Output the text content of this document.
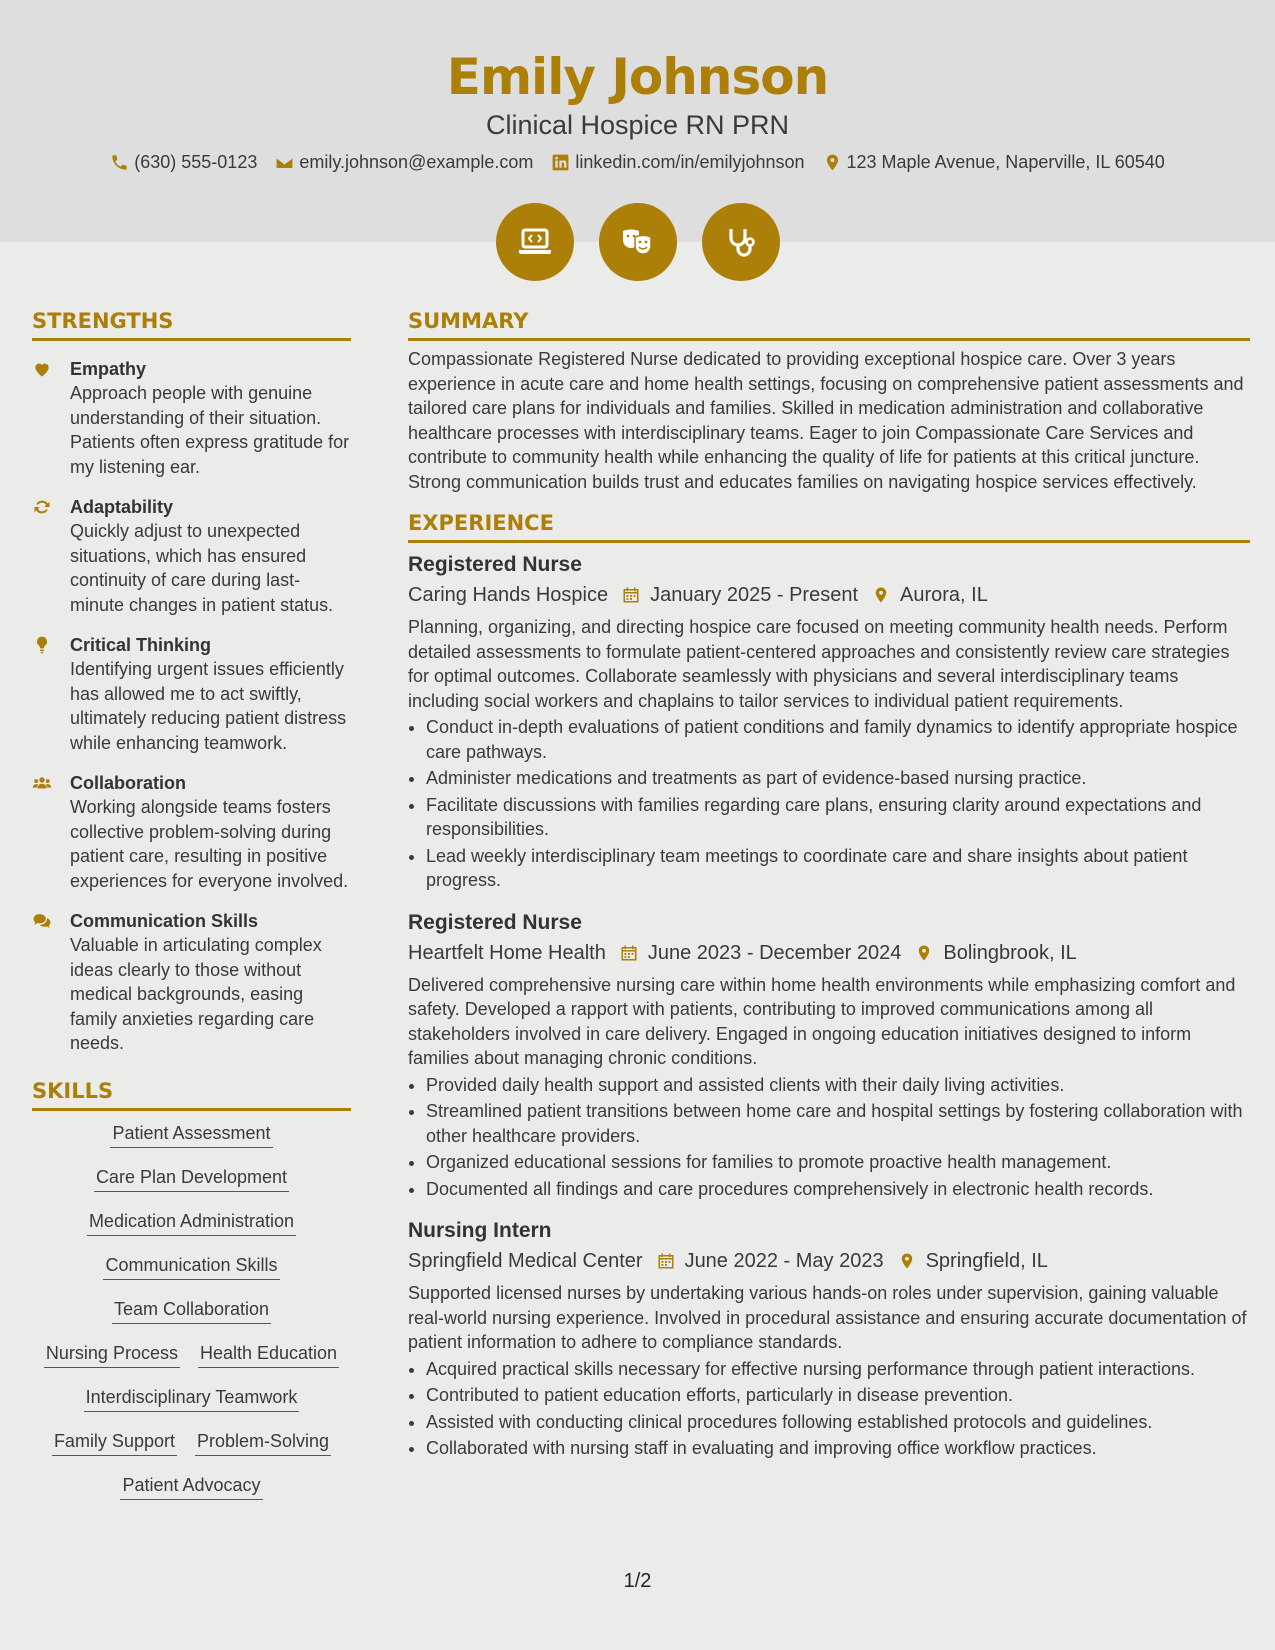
Emily Johnson
Clinical Hospice RN PRN
(630) 555-0123 emily.johnson@example.com linkedin.com/in/emilyjohnson 123 Maple Avenue, Naperville, IL 60540
STRENGTHS
Empathy
Approach people with genuine understanding of their situation. Patients often express gratitude for my listening ear.
Adaptability
Quickly adjust to unexpected situations, which has ensured continuity of care during last-minute changes in patient status.
Critical Thinking
Identifying urgent issues efficiently has allowed me to act swiftly, ultimately reducing patient distress while enhancing teamwork.
Collaboration
Working alongside teams fosters collective problem-solving during patient care, resulting in positive experiences for everyone involved.
Communication Skills
Valuable in articulating complex ideas clearly to those without medical backgrounds, easing family anxieties regarding care needs.
SKILLS
Patient Assessment
Care Plan Development
Medication Administration
Communication Skills
Team Collaboration
Nursing Process Health Education
Interdisciplinary Teamwork
Family Support Problem-Solving
Patient Advocacy
SUMMARY
Compassionate Registered Nurse dedicated to providing exceptional hospice care. Over 3 years experience in acute care and home health settings, focusing on comprehensive patient assessments and tailored care plans for individuals and families. Skilled in medication administration and collaborative healthcare processes with interdisciplinary teams. Eager to join Compassionate Care Services and contribute to community health while enhancing the quality of life for patients at this critical juncture. Strong communication builds trust and educates families on navigating hospice services effectively.
EXPERIENCE
Registered Nurse
Caring Hands Hospice January 2025 - Present Aurora, IL
Planning, organizing, and directing hospice care focused on meeting community health needs. Perform detailed assessments to formulate patient-centered approaches and consistently review care strategies for optimal outcomes. Collaborate seamlessly with physicians and several interdisciplinary teams including social workers and chaplains to tailor services to individual patient requirements.
• Conduct in-depth evaluations of patient conditions and family dynamics to identify appropriate hospice care pathways.
• Administer medications and treatments as part of evidence-based nursing practice.
• Facilitate discussions with families regarding care plans, ensuring clarity around expectations and responsibilities.
• Lead weekly interdisciplinary team meetings to coordinate care and share insights about patient progress.
Registered Nurse
Heartfelt Home Health June 2023 - December 2024 Bolingbrook, IL
Delivered comprehensive nursing care within home health environments while emphasizing comfort and safety. Developed a rapport with patients, contributing to improved communications among all stakeholders involved in care delivery. Engaged in ongoing education initiatives designed to inform families about managing chronic conditions.
• Provided daily health support and assisted clients with their daily living activities.
• Streamlined patient transitions between home care and hospital settings by fostering collaboration with other healthcare providers.
• Organized educational sessions for families to promote proactive health management.
• Documented all findings and care procedures comprehensively in electronic health records.
Nursing Intern
Springfield Medical Center June 2022 - May 2023 Springfield, IL
Supported licensed nurses by undertaking various hands-on roles under supervision, gaining valuable real-world nursing experience. Involved in procedural assistance and ensuring accurate documentation of patient information to adhere to compliance standards.
• Acquired practical skills necessary for effective nursing performance through patient interactions.
• Contributed to patient education efforts, particularly in disease prevention.
• Assisted with conducting clinical procedures following established protocols and guidelines.
• Collaborated with nursing staff in evaluating and improving office workflow practices.
1/2
